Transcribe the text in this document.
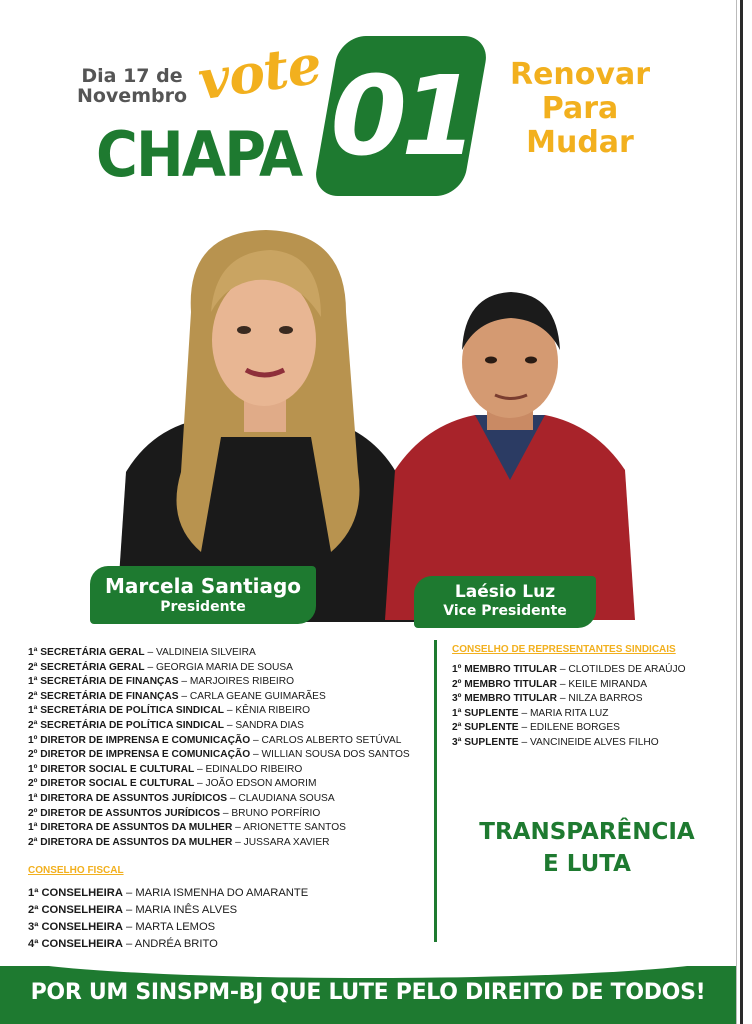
Dia 17 de Novembro vote
CHAPA 01	Renovar
Para
Mudar
Marcela Santiago
Presidente
Laésio Luz
Vice Presidente
1ª SECRETÁRIA GERAL – VALDINEIA SILVEIRA
2ª SECRETÁRIA GERAL – GEORGIA MARIA DE SOUSA
1ª SECRETÁRIA DE FINANÇAS – MARJOIRES RIBEIRO
2ª SECRETÁRIA DE FINANÇAS – CARLA GEANE GUIMARÃES
1ª SECRETÁRIA DE POLÍTICA SINDICAL – KÊNIA RIBEIRO
2ª SECRETÁRIA DE POLÍTICA SINDICAL – SANDRA DIAS
1º DIRETOR DE IMPRENSA E COMUNICAÇÃO – CARLOS ALBERTO SETÚVAL
2º DIRETOR DE IMPRENSA E COMUNICAÇÃO – WILLIAN SOUSA DOS SANTOS
1º DIRETOR SOCIAL E CULTURAL – EDINALDO RIBEIRO
2º DIRETOR SOCIAL E CULTURAL – JOÃO EDSON AMORIM
1ª DIRETORA DE ASSUNTOS JURÍDICOS – CLAUDIANA SOUSA
2º DIRETOR DE ASSUNTOS JURÍDICOS – BRUNO PORFÍRIO
1ª DIRETORA DE ASSUNTOS DA MULHER – ARIONETTE SANTOS
2ª DIRETORA DE ASSUNTOS DA MULHER – JUSSARA XAVIER
CONSELHO FISCAL
1ª CONSELHEIRA – MARIA ISMENHA DO AMARANTE
2ª CONSELHEIRA – MARIA INÊS ALVES
3ª CONSELHEIRA – MARTA LEMOS
4ª CONSELHEIRA – ANDRÉA BRITO
CONSELHO DE REPRESENTANTES SINDICAIS
1º MEMBRO TITULAR – CLOTILDES DE ARAÚJO
2º MEMBRO TITULAR – KEILE MIRANDA
3º MEMBRO TITULAR – NILZA BARROS
1ª SUPLENTE – MARIA RITA LUZ
2ª SUPLENTE – EDILENE BORGES
3ª SUPLENTE – VANCINEIDE ALVES FILHO
TRANSPARÊNCIA
E LUTA
POR UM SINSPM-BJ QUE LUTE PELO DIREITO DE TODOS!
